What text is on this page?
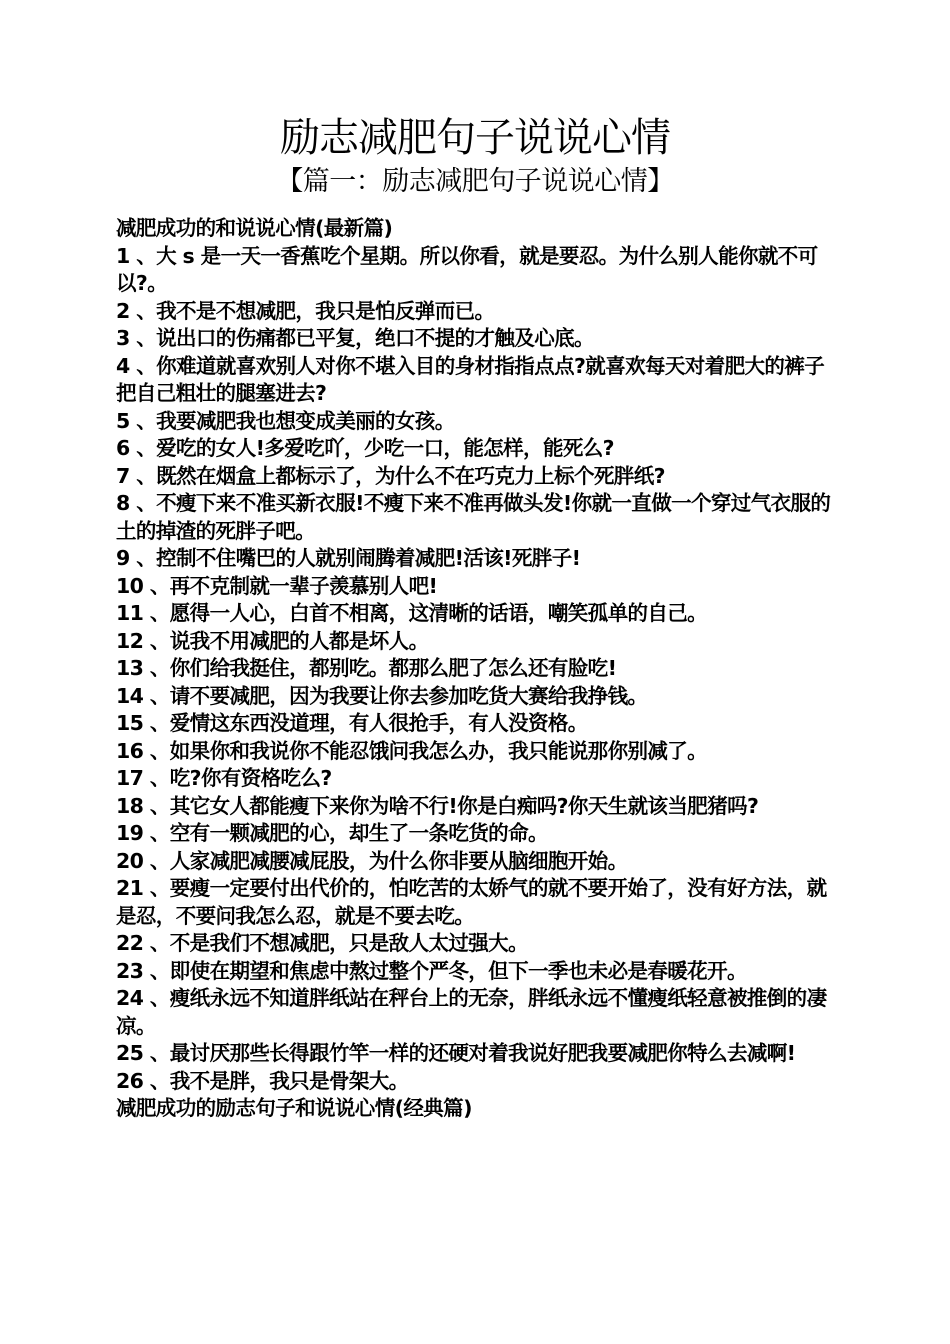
励志减肥句子说说心情
【篇一：励志减肥句子说说心情】

减肥成功的和说说心情(最新篇)

1 、大 s 是一天一香蕉吃个星期。所以你看，就是要忍。为什么别人能你就不可以?。

2 、我不是不想减肥，我只是怕反弹而已。

3 、说出口的伤痛都已平复，绝口不提的才触及心底。

4 、你难道就喜欢别人对你不堪入目的身材指指点点?就喜欢每天对着肥大的裤子把自己粗壮的腿塞进去?

5 、我要减肥我也想变成美丽的女孩。

6 、爱吃的女人!多爱吃吖，少吃一口，能怎样，能死么?

7 、既然在烟盒上都标示了，为什么不在巧克力上标个死胖纸?

8 、不瘦下来不准买新衣服!不瘦下来不准再做头发!你就一直做一个穿过气衣服的土的掉渣的死胖子吧。

9 、控制不住嘴巴的人就别闹腾着减肥!活该!死胖子!

10 、再不克制就一辈子羡慕别人吧!

11 、愿得一人心，白首不相离，这清晰的话语，嘲笑孤单的自己。

12 、说我不用减肥的人都是坏人。

13 、你们给我挺住，都别吃。都那么肥了怎么还有脸吃!

14 、请不要减肥，因为我要让你去参加吃货大赛给我挣钱。

15 、爱情这东西没道理，有人很抢手，有人没资格。

16 、如果你和我说你不能忍饿问我怎么办，我只能说那你别减了。

17 、吃?你有资格吃么?

18 、其它女人都能瘦下来你为啥不行!你是白痴吗?你天生就该当肥猪吗?

19 、空有一颗减肥的心，却生了一条吃货的命。

20 、人家减肥减腰减屁股，为什么你非要从脑细胞开始。

21 、要瘦一定要付出代价的，怕吃苦的太娇气的就不要开始了，没有好方法，就是忍，不要问我怎么忍，就是不要去吃。

22 、不是我们不想减肥，只是敌人太过强大。

23 、即使在期望和焦虑中熬过整个严冬，但下一季也未必是春暖花开。

24 、瘦纸永远不知道胖纸站在秤台上的无奈，胖纸永远不懂瘦纸轻意被推倒的凄凉。

25 、最讨厌那些长得跟竹竿一样的还硬对着我说好肥我要减肥你特么去减啊!

26 、我不是胖，我只是骨架大。

减肥成功的励志句子和说说心情(经典篇)
